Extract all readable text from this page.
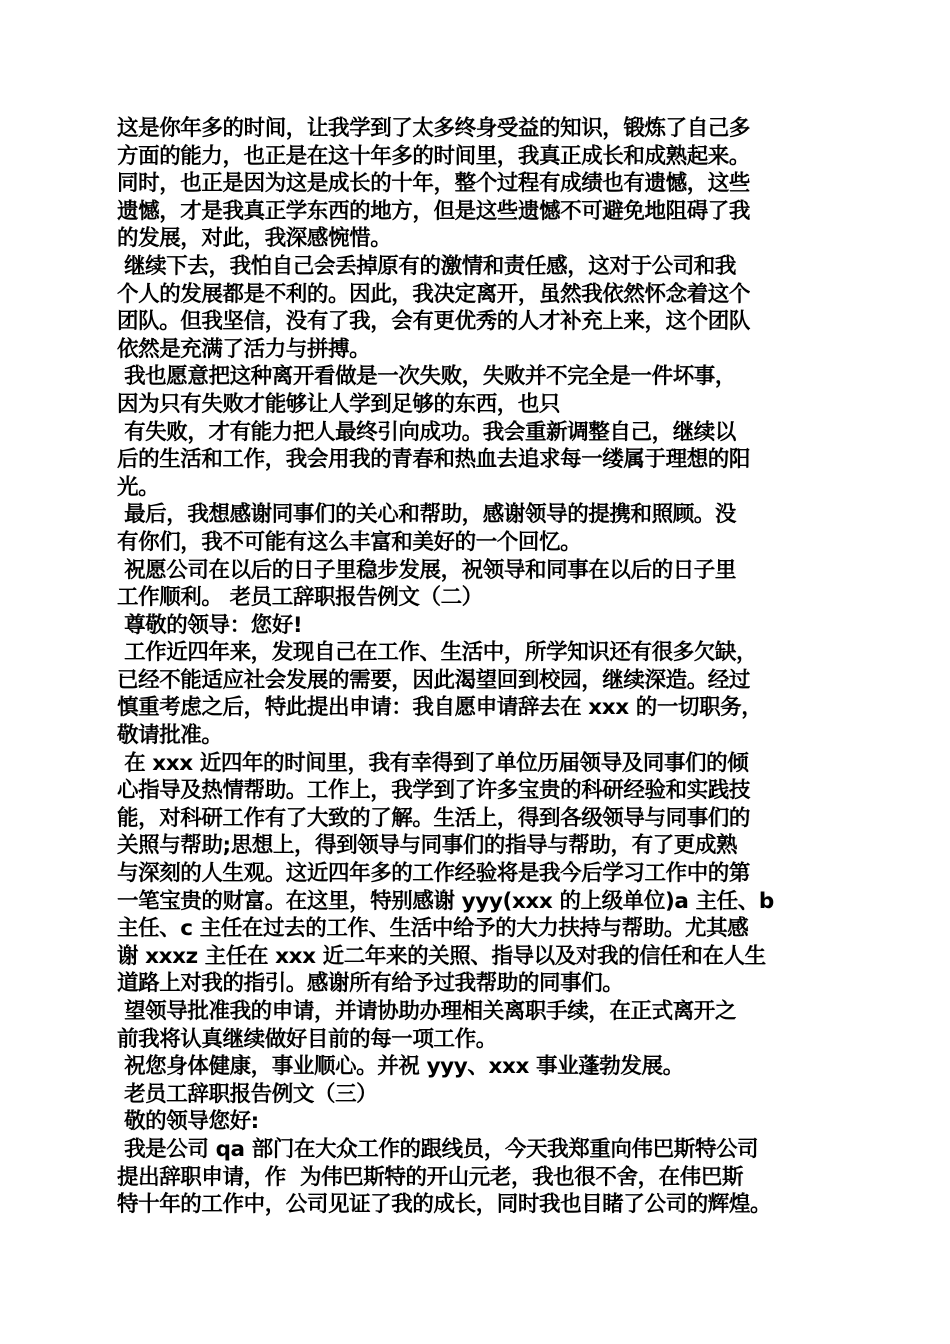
这是你年多的时间，让我学到了太多终身受益的知识，锻炼了自己多
方面的能力，也正是在这十年多的时间里，我真正成长和成熟起来。
同时，也正是因为这是成长的十年，整个过程有成绩也有遗憾，这些
遗憾，才是我真正学东西的地方，但是这些遗憾不可避免地阻碍了我
的发展，对此，我深感惋惜。
继续下去，我怕自己会丢掉原有的激情和责任感，这对于公司和我
个人的发展都是不利的。因此，我决定离开，虽然我依然怀念着这个
团队。但我坚信，没有了我，会有更优秀的人才补充上来，这个团队
依然是充满了活力与拼搏。
我也愿意把这种离开看做是一次失败，失败并不完全是一件坏事，
因为只有失败才能够让人学到足够的东西，也只
有失败，才有能力把人最终引向成功。我会重新调整自己，继续以
后的生活和工作，我会用我的青春和热血去追求每一缕属于理想的阳
光。
最后，我想感谢同事们的关心和帮助，感谢领导的提携和照顾。没
有你们，我不可能有这么丰富和美好的一个回忆。
祝愿公司在以后的日子里稳步发展，祝领导和同事在以后的日子里
工作顺利。 老员工辞职报告例文（二）
尊敬的领导：您好!
工作近四年来，发现自己在工作、生活中，所学知识还有很多欠缺，
已经不能适应社会发展的需要，因此渴望回到校园，继续深造。经过
慎重考虑之后，特此提出申请：我自愿申请辞去在 xxx 的一切职务，
敬请批准。
在 xxx 近四年的时间里，我有幸得到了单位历届领导及同事们的倾
心指导及热情帮助。工作上，我学到了许多宝贵的科研经验和实践技
能，对科研工作有了大致的了解。生活上，得到各级领导与同事们的
关照与帮助;思想上，得到领导与同事们的指导与帮助，有了更成熟
与深刻的人生观。这近四年多的工作经验将是我今后学习工作中的第
一笔宝贵的财富。在这里，特别感谢 yyy(xxx 的上级单位)a 主任、b
主任、c 主任在过去的工作、生活中给予的大力扶持与帮助。尤其感
谢 xxxz 主任在 xxx 近二年来的关照、指导以及对我的信任和在人生
道路上对我的指引。感谢所有给予过我帮助的同事们。
望领导批准我的申请，并请协助办理相关离职手续，在正式离开之
前我将认真继续做好目前的每一项工作。
祝您身体健康，事业顺心。并祝 yyy、xxx 事业蓬勃发展。
老员工辞职报告例文（三）
敬的领导您好:
我是公司 qa 部门在大众工作的跟线员，今天我郑重向伟巴斯特公司
提出辞职申请，作  为伟巴斯特的开山元老，我也很不舍，在伟巴斯
特十年的工作中，公司见证了我的成长，同时我也目睹了公司的辉煌。
